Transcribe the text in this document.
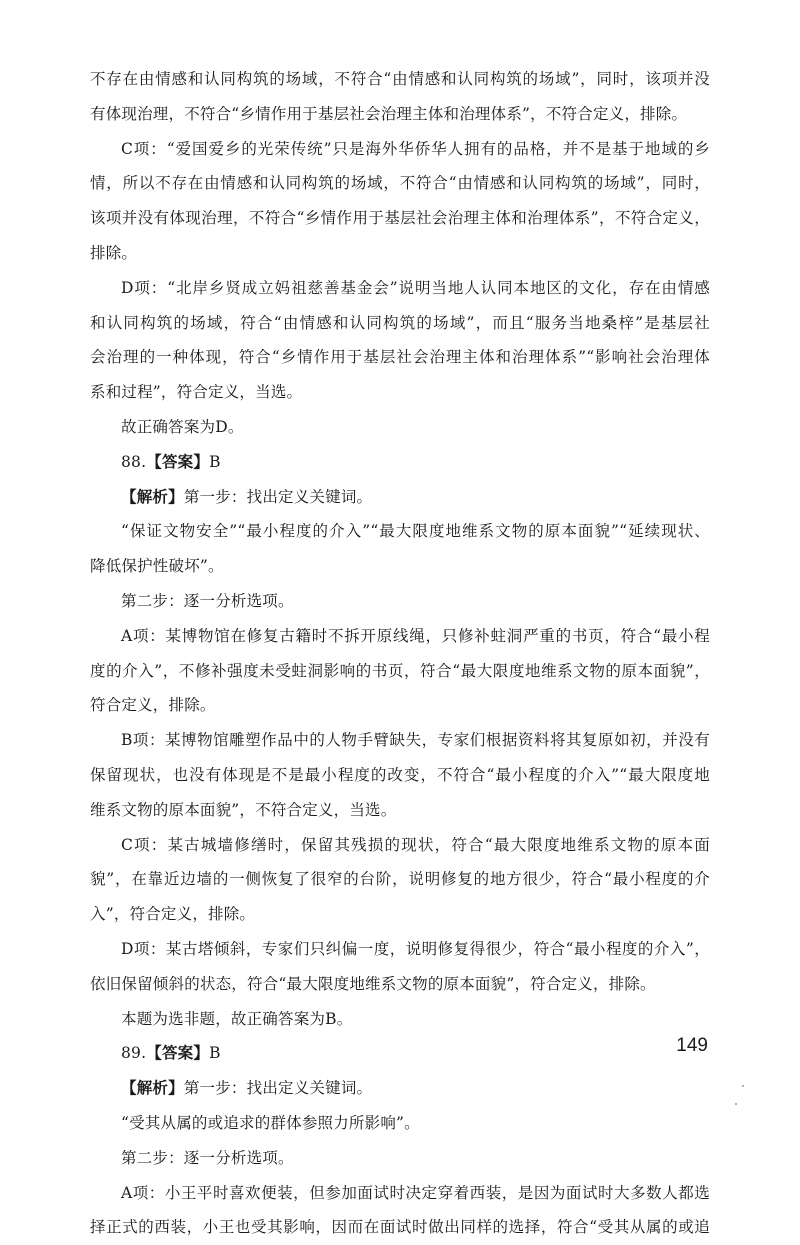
不存在由情感和认同构筑的场域，不符合“由情感和认同构筑的场域”，同时，该项并没
有体现治理，不符合“乡情作用于基层社会治理主体和治理体系”，不符合定义，排除。
C项：“爱国爱乡的光荣传统”只是海外华侨华人拥有的品格，并不是基于地域的乡
情，所以不存在由情感和认同构筑的场域，不符合“由情感和认同构筑的场域”，同时，
该项并没有体现治理，不符合“乡情作用于基层社会治理主体和治理体系”，不符合定义，
排除。
D项：“北岸乡贤成立妈祖慈善基金会”说明当地人认同本地区的文化，存在由情感
和认同构筑的场域，符合“由情感和认同构筑的场域”，而且“服务当地桑梓”是基层社
会治理的一种体现，符合“乡情作用于基层社会治理主体和治理体系”“影响社会治理体
系和过程”，符合定义，当选。
故正确答案为D。
88.【答案】B
【解析】第一步：找出定义关键词。
“保证文物安全”“最小程度的介入”“最大限度地维系文物的原本面貌”“延续现状、
降低保护性破坏”。
第二步：逐一分析选项。
A项：某博物馆在修复古籍时不拆开原线绳，只修补蛀洞严重的书页，符合“最小程
度的介入”，不修补强度未受蛀洞影响的书页，符合“最大限度地维系文物的原本面貌”，
符合定义，排除。
B项：某博物馆雕塑作品中的人物手臂缺失，专家们根据资料将其复原如初，并没有
保留现状，也没有体现是不是最小程度的改变，不符合“最小程度的介入”“最大限度地
维系文物的原本面貌”，不符合定义，当选。
C项：某古城墙修缮时，保留其残损的现状，符合“最大限度地维系文物的原本面
貌”，在靠近边墙的一侧恢复了很窄的台阶，说明修复的地方很少，符合“最小程度的介
入”，符合定义，排除。
D项：某古塔倾斜，专家们只纠偏一度，说明修复得很少，符合“最小程度的介入”，
依旧保留倾斜的状态，符合“最大限度地维系文物的原本面貌”，符合定义，排除。
本题为选非题，故正确答案为B。
89.【答案】B
【解析】第一步：找出定义关键词。
“受其从属的或追求的群体参照力所影响”。
第二步：逐一分析选项。
A项：小王平时喜欢便装，但参加面试时决定穿着西装，是因为面试时大多数人都选
择正式的西装，小王也受其影响，因而在面试时做出同样的选择，符合“受其从属的或追
149
